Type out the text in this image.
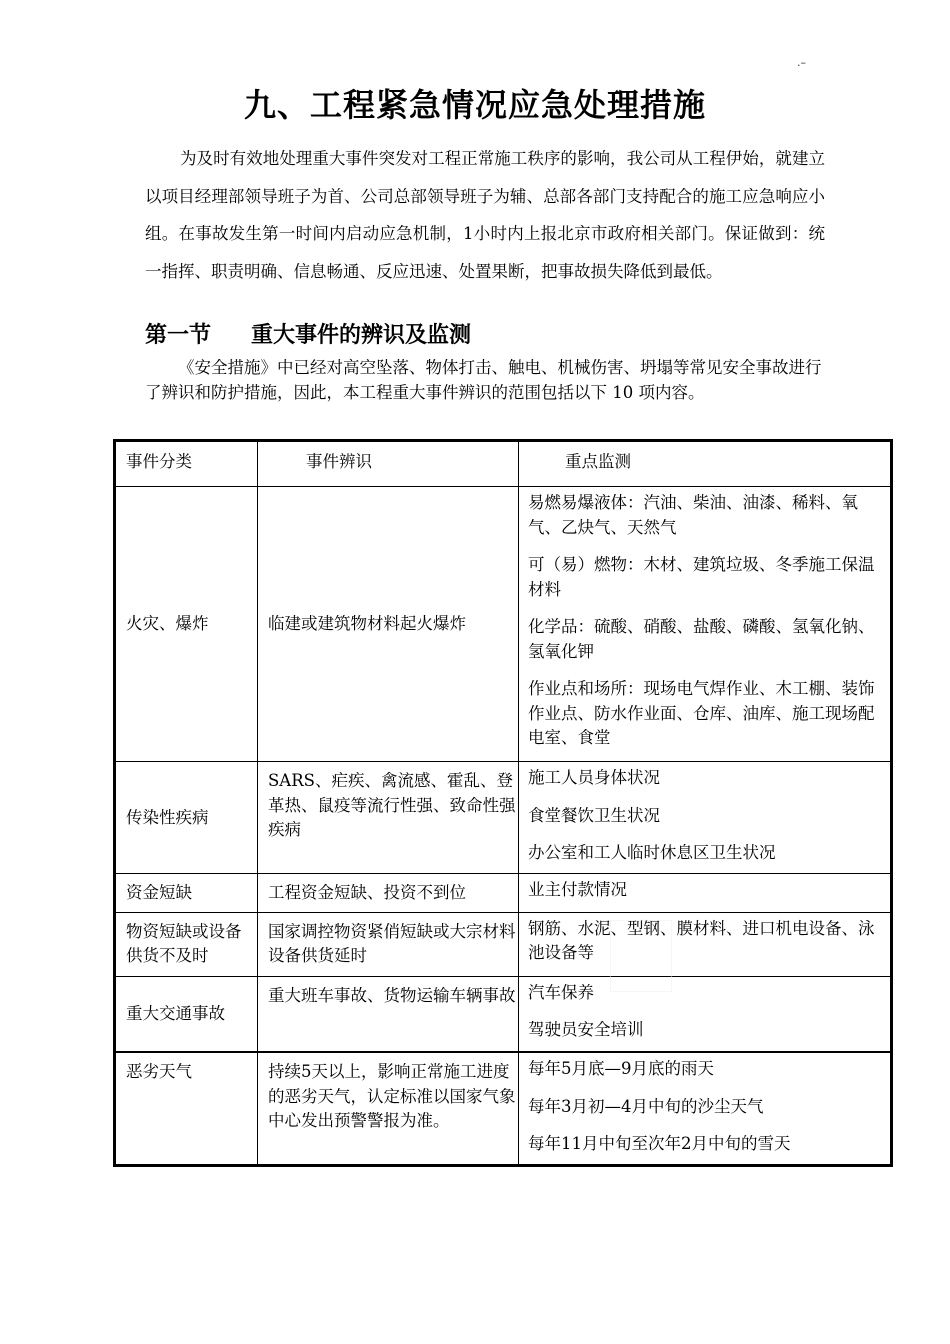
.–

九、工程紧急情况应急处理措施

为及时有效地处理重大事件突发对工程正常施工秩序的影响，我公司从工程伊始，就建立以项目经理部领导班子为首、公司总部领导班子为辅、总部各部门支持配合的施工应急响应小组。在事故发生第一时间内启动应急机制，1小时内上报北京市政府相关部门。保证做到：统一指挥、职责明确、信息畅通、反应迅速、处置果断，把事故损失降低到最低。

第一节 重大事件的辨识及监测

《安全措施》中已经对高空坠落、物体打击、触电、机械伤害、坍塌等常见安全事故进行了辨识和防护措施，因此，本工程重大事件辨识的范围包括以下 10 项内容。

事件分类	事件辨识	重点监测
火灾、爆炸	临建或建筑物材料起火爆炸	易燃易爆液体：汽油、柴油、油漆、稀料、氧气、乙炔气、天然气

可（易）燃物：木材、建筑垃圾、冬季施工保温材料

化学品：硫酸、硝酸、盐酸、磷酸、氢氧化钠、氢氧化钾

作业点和场所：现场电气焊作业、木工棚、装饰作业点、防水作业面、仓库、油库、施工现场配电室、食堂

传染性疾病	SARS、疟疾、禽流感、霍乱、登革热、鼠疫等流行性强、致命性强疾病	施工人员身体状况

食堂餐饮卫生状况

办公室和工人临时休息区卫生状况

资金短缺	工程资金短缺、投资不到位	业主付款情况

物资短缺或设备供货不及时	国家调控物资紧俏短缺或大宗材料设备供货延时	钢筋、水泥、型钢、膜材料、进口机电设备、泳池设备等

重大交通事故	重大班车事故、货物运输车辆事故	汽车保养

驾驶员安全培训

恶劣天气	持续5天以上，影响正常施工进度的恶劣天气，认定标准以国家气象中心发出预警警报为准。	每年5月底—9月底的雨天

每年3月初—4月中旬的沙尘天气

每年11月中旬至次年2月中旬的雪天
